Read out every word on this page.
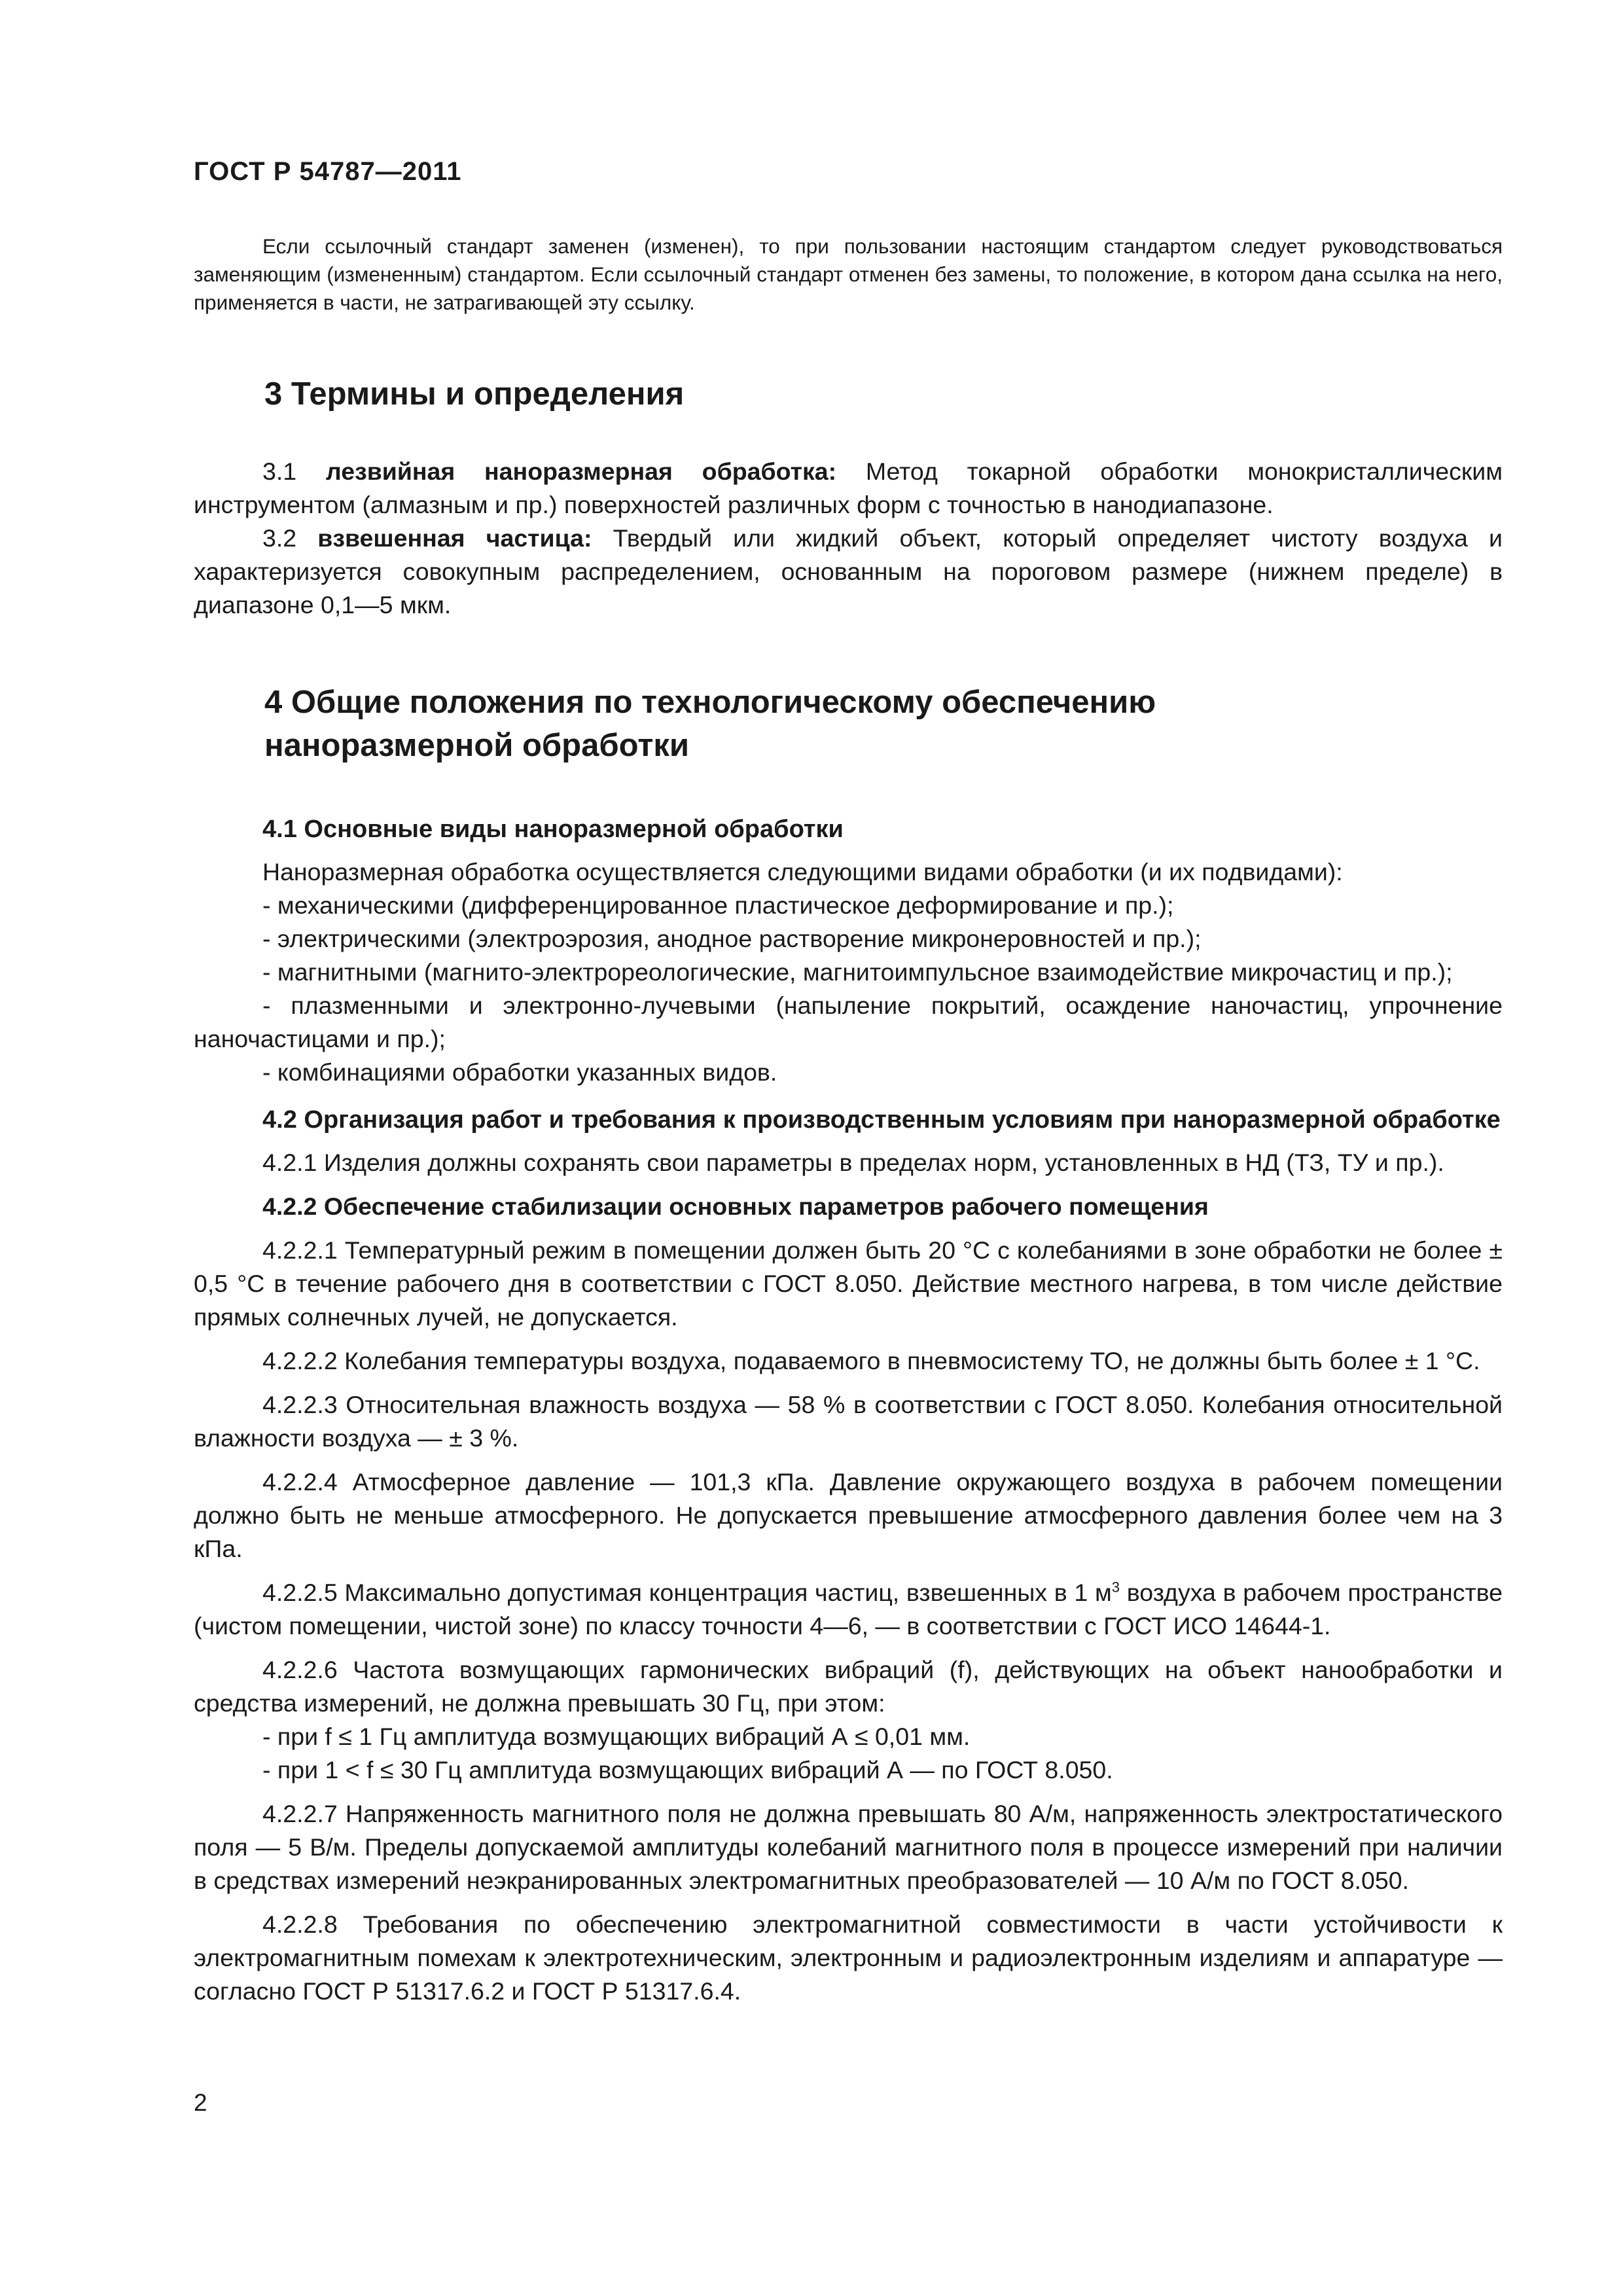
ГОСТ Р 54787—2011

Если ссылочный стандарт заменен (изменен), то при пользовании настоящим стандартом следует руководствоваться заменяющим (измененным) стандартом. Если ссылочный стандарт отменен без замены, то положение, в котором дана ссылка на него, применяется в части, не затрагивающей эту ссылку.

3 Термины и определения

3.1 лезвийная наноразмерная обработка: Метод токарной обработки монокристаллическим инструментом (алмазным и пр.) поверхностей различных форм с точностью в нанодиапазоне.

3.2 взвешенная частица: Твердый или жидкий объект, который определяет чистоту воздуха и характеризуется совокупным распределением, основанным на пороговом размере (нижнем пределе) в диапазоне 0,1—5 мкм.

4 Общие положения по технологическому обеспечению
наноразмерной обработки
4.1 Основные виды наноразмерной обработки

Наноразмерная обработка осуществляется следующими видами обработки (и их подвидами):

- механическими (дифференцированное пластическое деформирование и пр.);

- электрическими (электроэрозия, анодное растворение микронеровностей и пр.);

- магнитными (магнито-электрореологические, магнитоимпульсное взаимодействие микрочастиц и пр.);

- плазменными и электронно-лучевыми (напыление покрытий, осаждение наночастиц, упрочнение наночастицами и пр.);

- комбинациями обработки указанных видов.

4.2 Организация работ и требования к производственным условиям при наноразмерной обработке

4.2.1 Изделия должны сохранять свои параметры в пределах норм, установленных в НД (ТЗ, ТУ и пр.).

4.2.2 Обеспечение стабилизации основных параметров рабочего помещения

4.2.2.1 Температурный режим в помещении должен быть 20 °С с колебаниями в зоне обработки не более ± 0,5 °С в течение рабочего дня в соответствии с ГОСТ 8.050. Действие местного нагрева, в том числе действие прямых солнечных лучей, не допускается.

4.2.2.2 Колебания температуры воздуха, подаваемого в пневмосистему ТО, не должны быть более ± 1 °С.

4.2.2.3 Относительная влажность воздуха — 58 % в соответствии с ГОСТ 8.050. Колебания относительной влажности воздуха — ± 3 %.

4.2.2.4 Атмосферное давление — 101,3 кПа. Давление окружающего воздуха в рабочем помещении должно быть не меньше атмосферного. Не допускается превышение атмосферного давления более чем на 3 кПа.

4.2.2.5 Максимально допустимая концентрация частиц, взвешенных в 1 $м^3$ воздуха в рабочем пространстве (чистом помещении, чистой зоне) по классу точности 4—6, — в соответствии с ГОСТ ИСО 14644-1.

4.2.2.6 Частота возмущающих гармонических вибраций (f), действующих на объект нанообработки и средства измерений, не должна превышать 30 Гц, при этом:

- при f ≤ 1 Гц амплитуда возмущающих вибраций А ≤ 0,01 мм.

- при 1 < f ≤ 30 Гц амплитуда возмущающих вибраций А — по ГОСТ 8.050.

4.2.2.7 Напряженность магнитного поля не должна превышать 80 А/м, напряженность электростатического поля — 5 В/м. Пределы допускаемой амплитуды колебаний магнитного поля в процессе измерений при наличии в средствах измерений неэкранированных электромагнитных преобразователей — 10 А/м по ГОСТ 8.050.

4.2.2.8 Требования по обеспечению электромагнитной совместимости в части устойчивости к электромагнитным помехам к электротехническим, электронным и радиоэлектронным изделиям и аппаратуре — согласно ГОСТ Р 51317.6.2 и ГОСТ Р 51317.6.4.

2
